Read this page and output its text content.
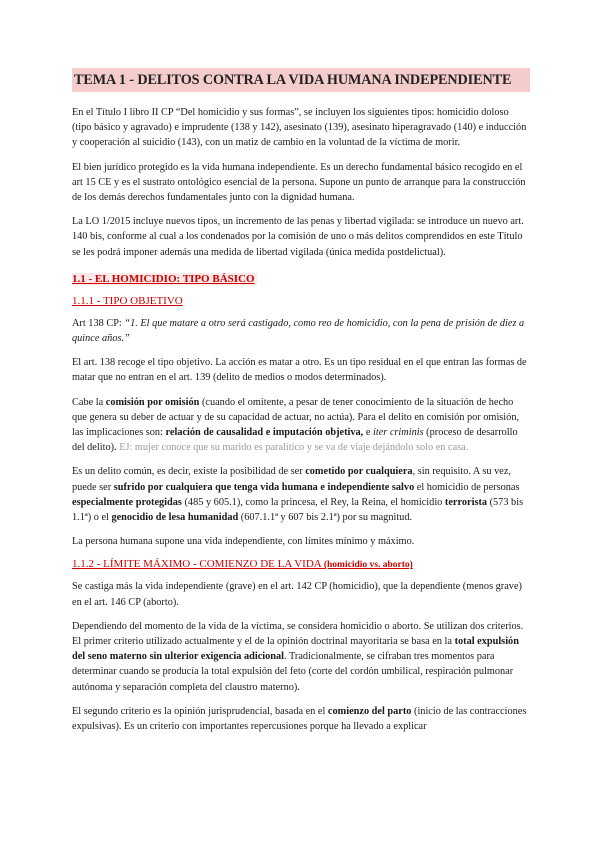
TEMA 1 - DELITOS CONTRA LA VIDA HUMANA INDEPENDIENTE

En el Título I libro II CP “Del homicidio y sus formas”, se incluyen los siguientes tipos: homicidio doloso (tipo básico y agravado) e imprudente (138 y 142), asesinato (139), asesinato hiperagravado (140) e inducción y cooperación al suicidio (143), con un matiz de cambio en la voluntad de la víctima de morir.

El bien jurídico protegido es la vida humana independiente. Es un derecho fundamental básico recogido en el art 15 CE y es el sustrato ontológico esencial de la persona. Supone un punto de arranque para la construcción de los demás derechos fundamentales junto con la dignidad humana.

La LO 1/2015 incluye nuevos tipos, un incremento de las penas y libertad vigilada: se introduce un nuevo art. 140 bis, conforme al cual a los condenados por la comisión de uno o más delitos comprendidos en este Título se les podrá imponer además una medida de libertad vigilada (única medida postdelictual).

1.1 - EL HOMICIDIO: TIPO BÁSICO
1.1.1 - TIPO OBJETIVO

Art 138 CP: “1. El que matare a otro será castigado, como reo de homicidio, con la pena de prisión de diez a quince años.”

El art. 138 recoge el tipo objetivo. La acción es matar a otro. Es un tipo residual en el que entran las formas de matar que no entran en el art. 139 (delito de medios o modos determinados).

Cabe la comisión por omisión (cuando el omitente, a pesar de tener conocimiento de la situación de hecho que genera su deber de actuar y de su capacidad de actuar, no actúa). Para el delito en comisión por omisión, las implicaciones son: relación de causalidad e imputación objetiva, e iter criminis (proceso de desarrollo del delito). EJ: mujer conoce que su marido es paralítico y se va de viaje dejándolo solo en casa.

Es un delito común, es decir, existe la posibilidad de ser cometido por cualquiera, sin requisito. A su vez, puede ser sufrido por cualquiera que tenga vida humana e independiente salvo el homicidio de personas especialmente protegidas (485 y 605.1), como la princesa, el Rey, la Reina, el homicidio terrorista (573 bis 1.1ª) o el genocidio de lesa humanidad (607.1.1ª y 607 bis 2.1ª) por su magnitud.

La persona humana supone una vida independiente, con límites mínimo y máximo.

1.1.2 - LÍMITE MÁXIMO - COMIENZO DE LA VIDA (homicidio vs. aborto)

Se castiga más la vida independiente (grave) en el art. 142 CP (homicidio), que la dependiente (menos grave) en el art. 146 CP (aborto).

Dependiendo del momento de la vida de la víctima, se considera homicidio o aborto. Se utilizan dos criterios. El primer criterio utilizado actualmente y el de la opinión doctrinal mayoritaria se basa en la total expulsión del seno materno sin ulterior exigencia adicional. Tradicionalmente, se cifraban tres momentos para determinar cuando se producía la total expulsión del feto (corte del cordón umbilical, respiración pulmonar autónoma y separación completa del claustro materno).

El segundo criterio es la opinión jurisprudencial, basada en el comienzo del parto (inicio de las contracciones expulsivas). Es un criterio con importantes repercusiones porque ha llevado a explicar
